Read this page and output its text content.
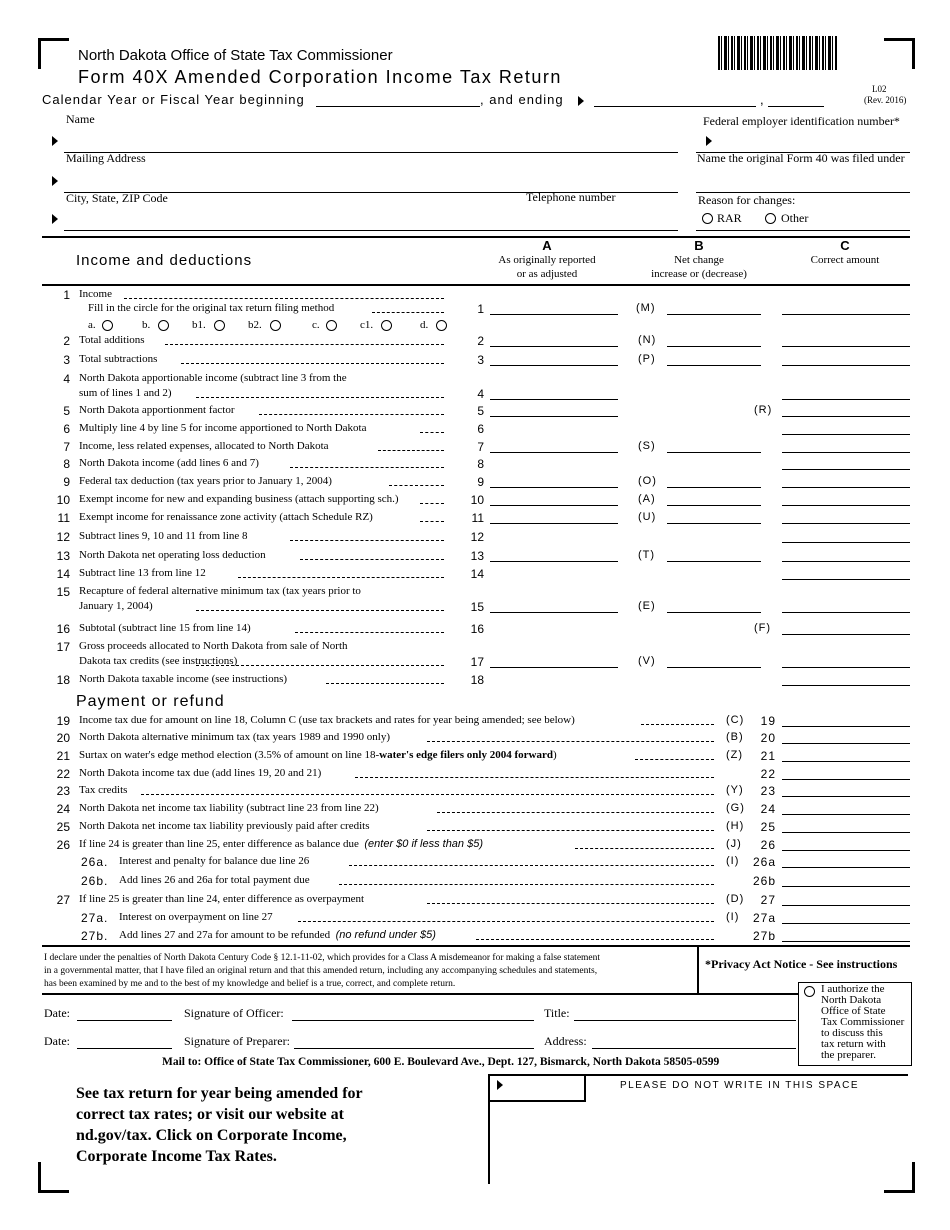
North Dakota Office of State Tax Commissioner
Form 40X Amended Corporation Income Tax Return
L02
(Rev. 2016)
Calendar Year or Fiscal Year beginning	, and ending	,
Name	Federal employer identification number*
Mailing Address	Name the original Form 40 was filed under
City, State, ZIP Code	Telephone number	Reason for changes:
RAR	Other
Income and deductions
A
As originally reported
or as adjusted
B
Net change
increase or (decrease)
C
Correct amount
1 Income
Fill in the circle for the original tax return filing method	1	(M)
a.	b.	b1.	b2.	c.	c1.	d.
2 Total additions	2	(N)
3 Total subtractions	3	(P)
4 North Dakota apportionable income (subtract line 3 from the
sum of lines 1 and 2)	4
5 North Dakota apportionment factor	5	(R)
6 Multiply line 4 by line 5 for income apportioned to North Dakota	6
7 Income, less related expenses, allocated to North Dakota	7	(S)
8 North Dakota income (add lines 6 and 7)	8
9 Federal tax deduction (tax years prior to January 1, 2004)	9	(O)
10 Exempt income for new and expanding business (attach supporting sch.)	10	(A)
11 Exempt income for renaissance zone activity (attach Schedule RZ)	11	(U)
12 Subtract lines 9, 10 and 11 from line 8	12
13 North Dakota net operating loss deduction	13	(T)
14 Subtract line 13 from line 12	14
15 Recapture of federal alternative minimum tax (tax years prior to
January 1, 2004)	15	(E)
16 Subtotal (subtract line 15 from line 14)	16	(F)
17 Gross proceeds allocated to North Dakota from sale of North
Dakota tax credits (see instructions)	17	(V)
18 North Dakota taxable income (see instructions)	18
Payment or refund
19 Income tax due for amount on line 18, Column C (use tax brackets and rates for year being amended; see below)	(C)	19
20 North Dakota alternative minimum tax (tax years 1989 and 1990 only)	(B)	20
21 Surtax on water's edge method election (3.5% of amount on line 18-water's edge filers only 2004 forward)	(Z)	21
22 North Dakota income tax due (add lines 19, 20 and 21)	22
23 Tax credits	(Y)	23
24 North Dakota net income tax liability (subtract line 23 from line 22)	(G)	24
25 North Dakota net income tax liability previously paid after credits	(H)	25
26 If line 24 is greater than line 25, enter difference as balance due (enter $0 if less than $5)	(J)	26
26a. Interest and penalty for balance due line 26	(I)	26a
26b. Add lines 26 and 26a for total payment due	26b
27 If line 25 is greater than line 24, enter difference as overpayment	(D)	27
27a. Interest on overpayment on line 27	(I)	27a
27b. Add lines 27 and 27a for amount to be refunded (no refund under $5)	27b
I declare under the penalties of North Dakota Century Code § 12.1-11-02, which provides for a Class A misdemeanor for making a false statement
in a governmental matter, that I have filed an original return and that this amended return, including any accompanying schedules and statements,
has been examined by me and to the best of my knowledge and belief is a true, correct, and complete return.
*Privacy Act Notice - See instructions
I authorize the
North Dakota
Office of State
Tax Commissioner
to discuss this
tax return with
the preparer.
Date:	Signature of Officer:	Title:
Date:	Signature of Preparer:	Address:
Mail to: Office of State Tax Commissioner, 600 E. Boulevard Ave., Dept. 127, Bismarck, North Dakota 58505-0599
See tax return for year being amended for
correct tax rates; or visit our website at
nd.gov/tax. Click on Corporate Income,
Corporate Income Tax Rates.
PLEASE DO NOT WRITE IN THIS SPACE
